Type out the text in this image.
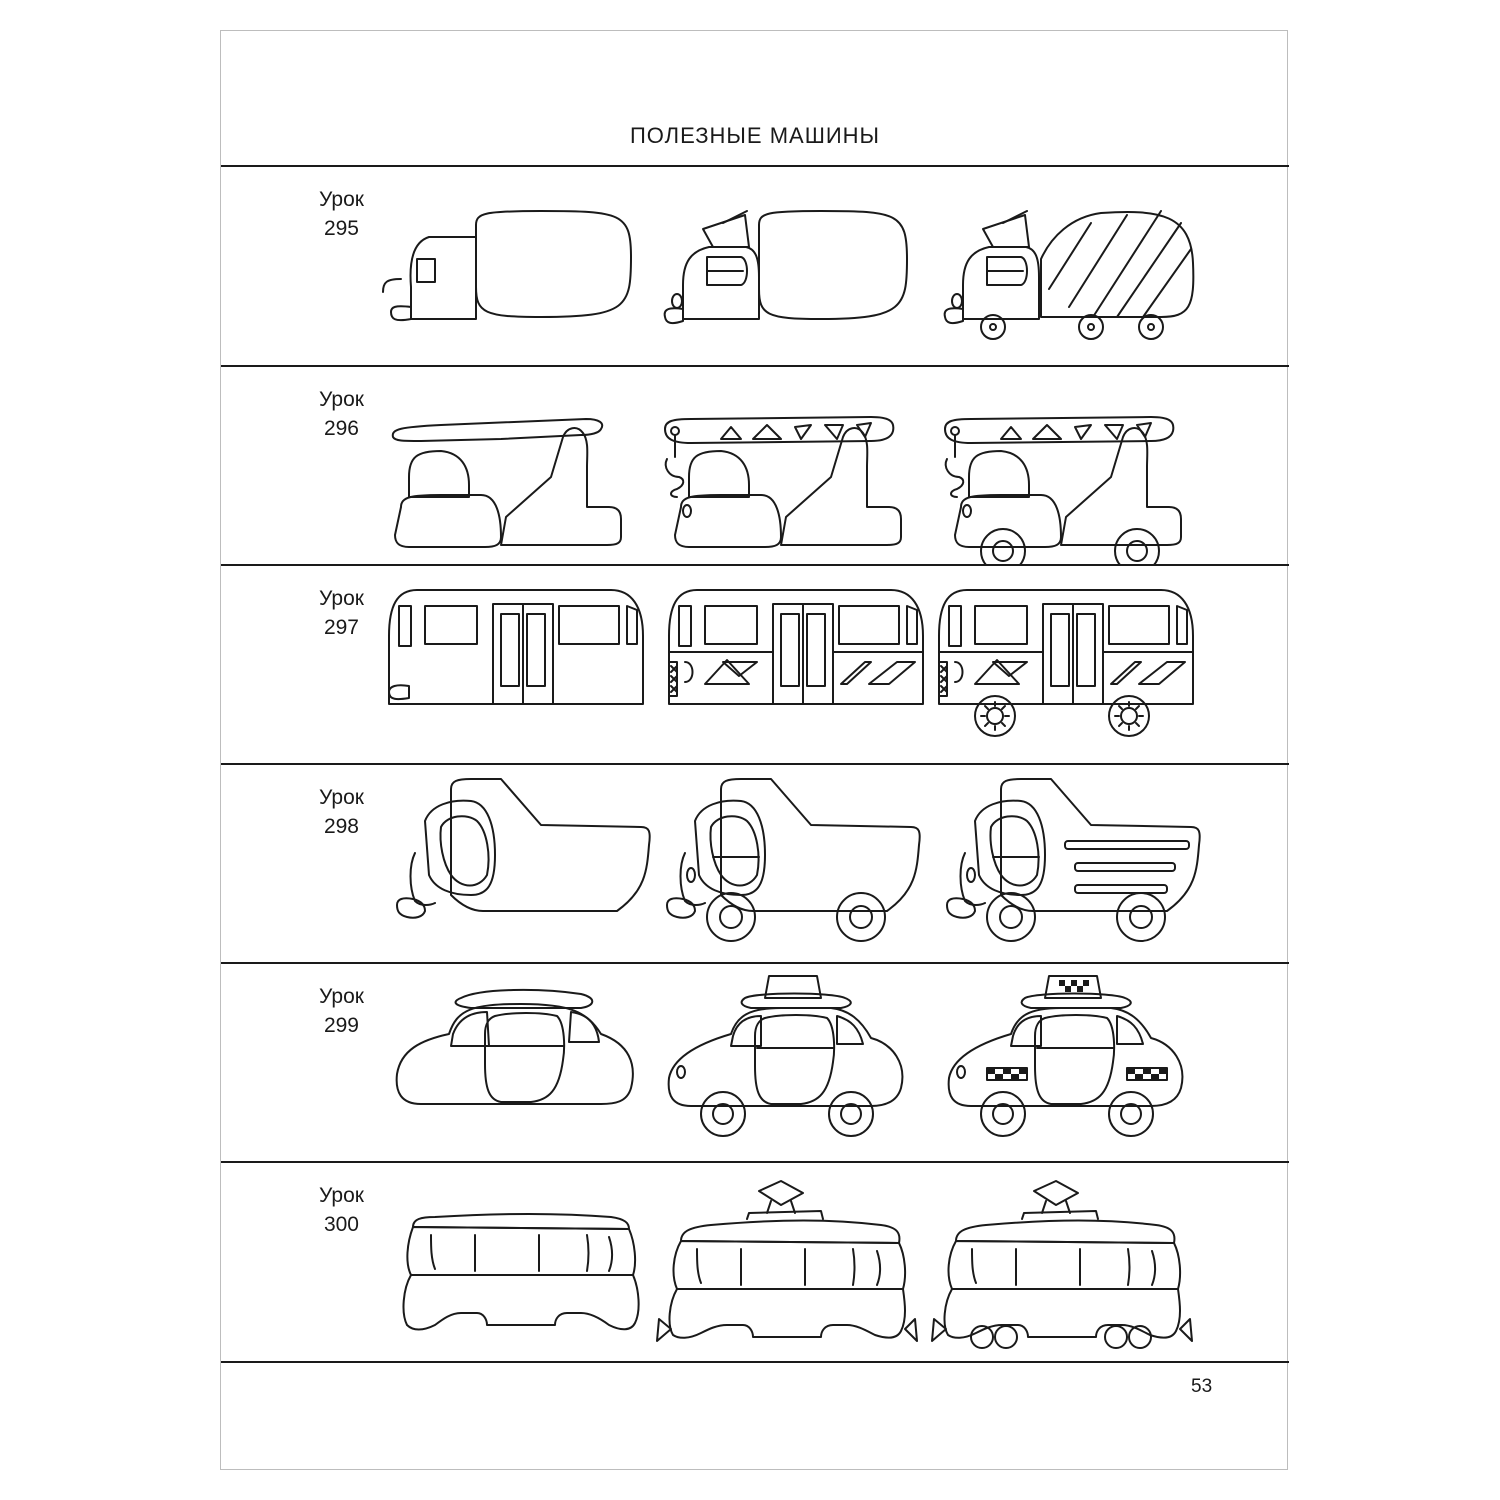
ПОЛЕЗНЫЕ МАШИНЫ
Урок
295
Урок
296
Урок
297
Урок
298
Урок
299
Урок
300
53
